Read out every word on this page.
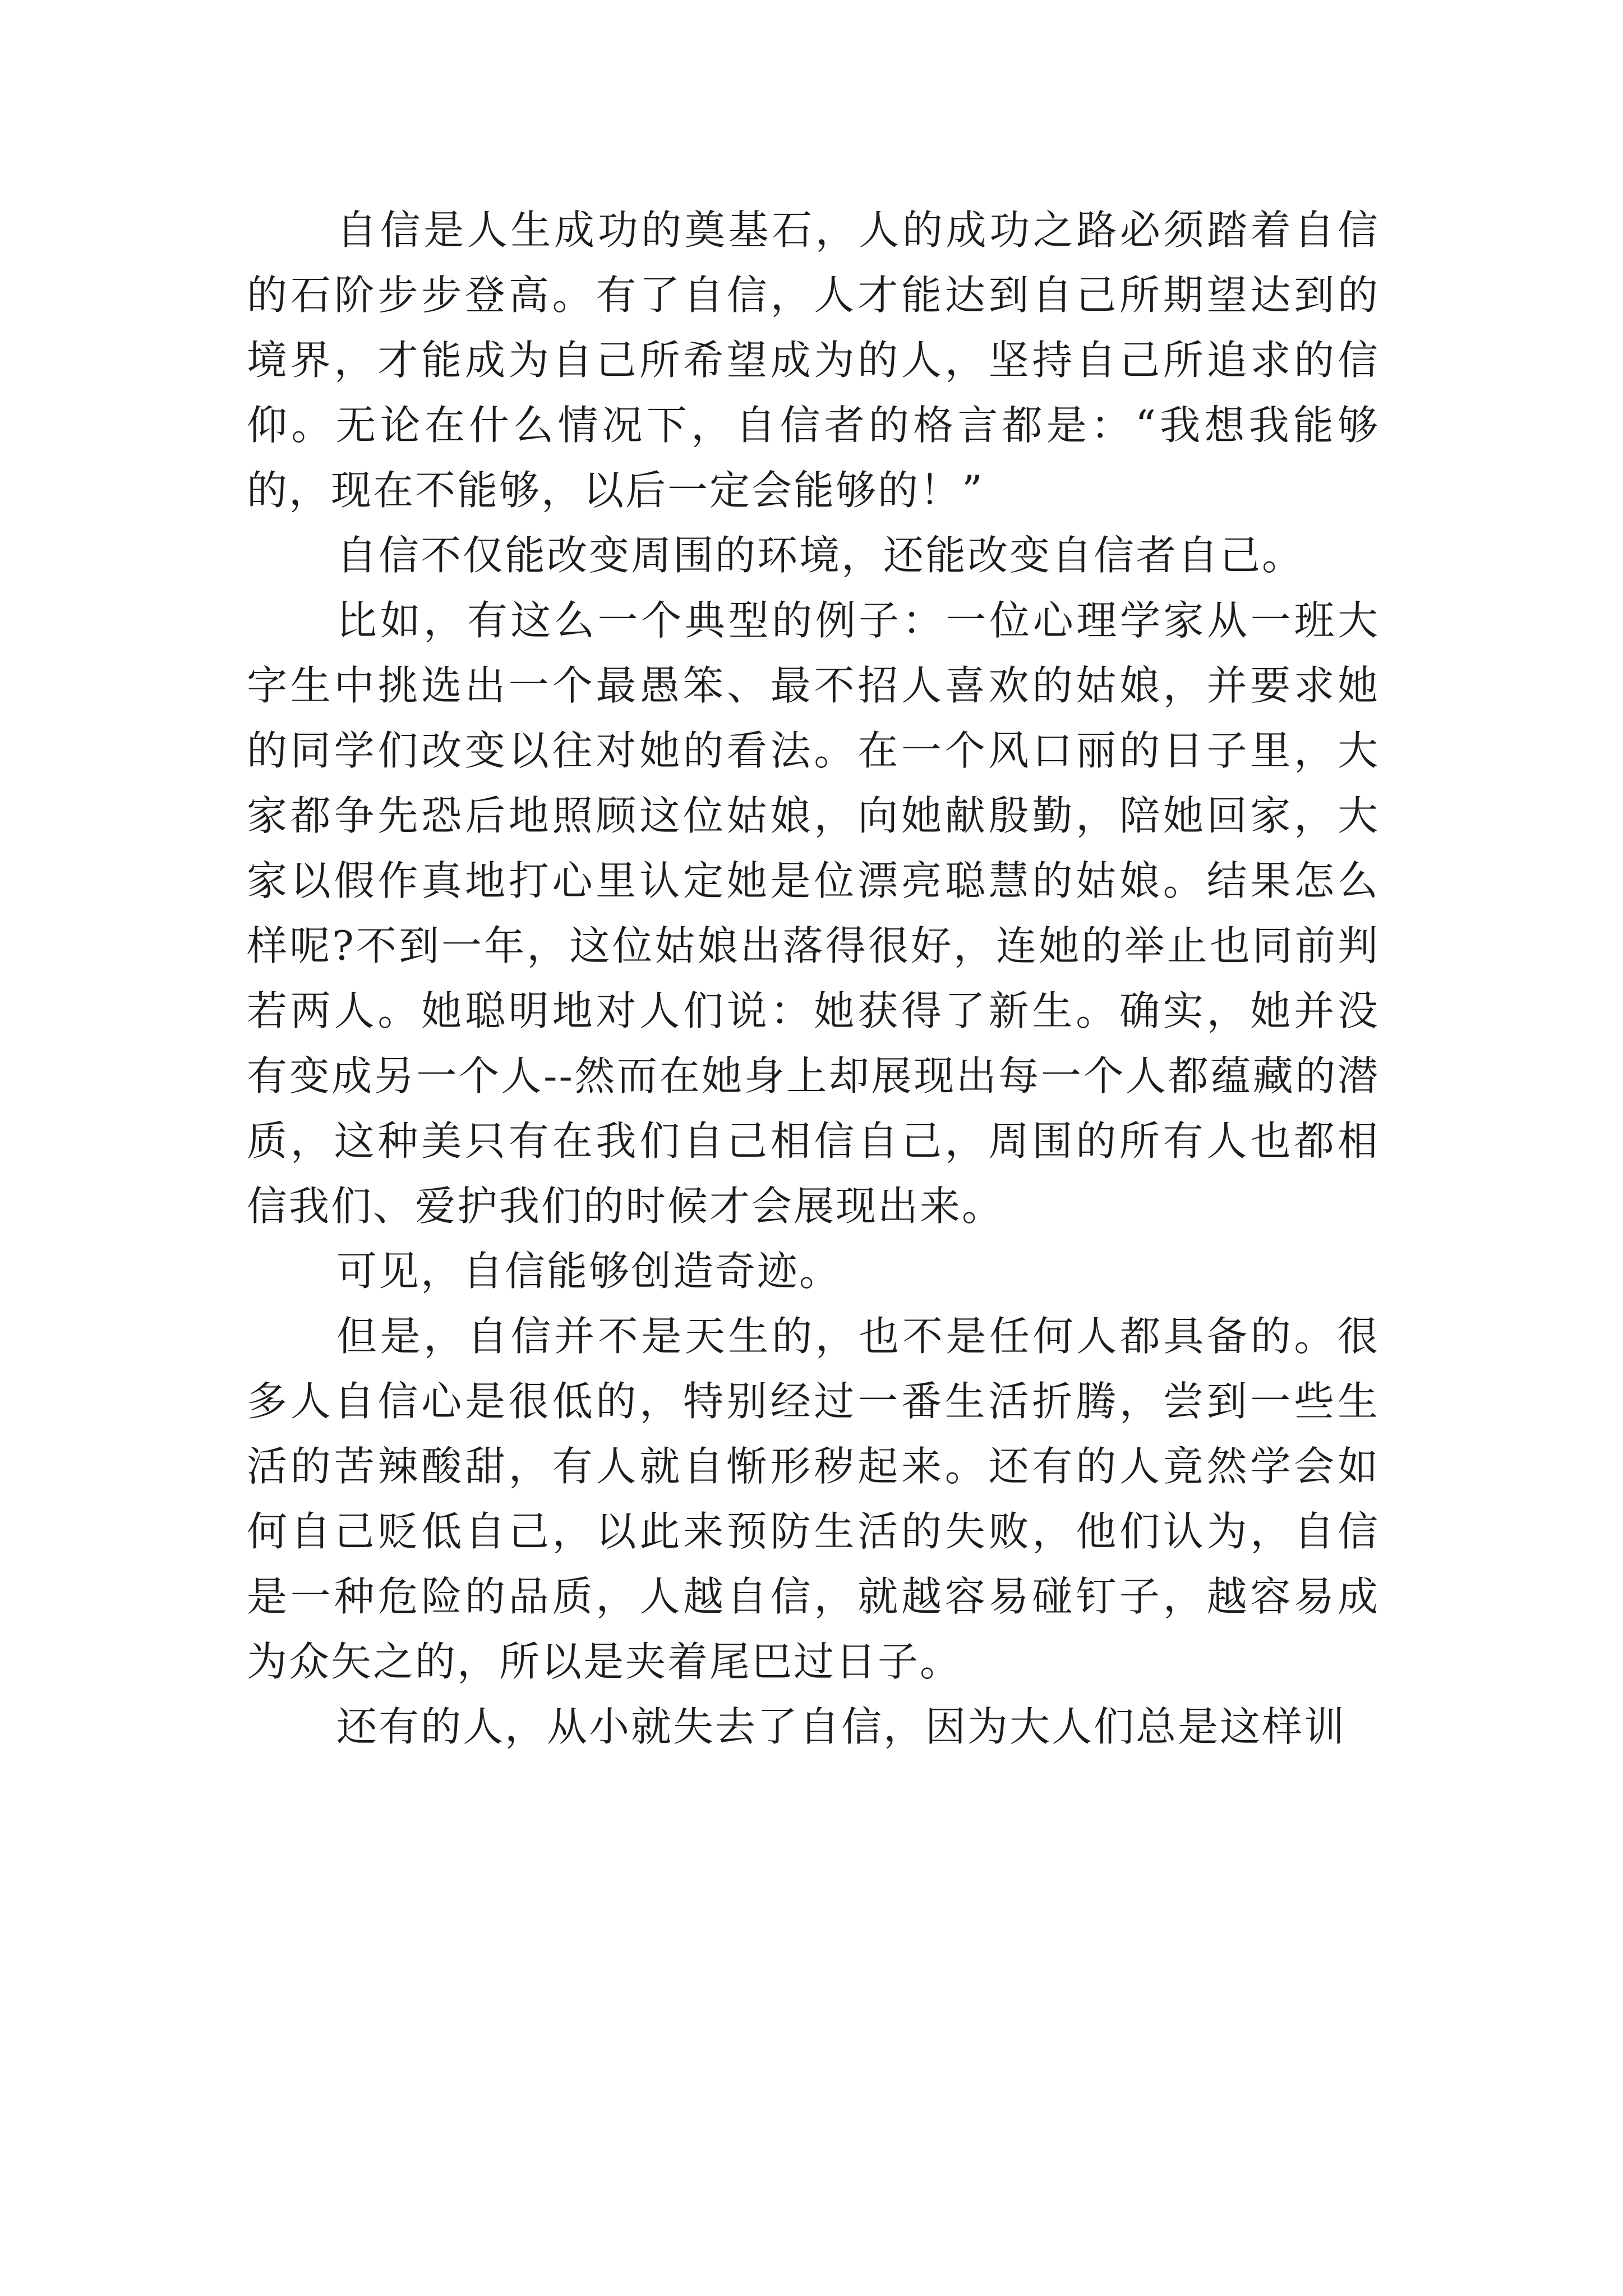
自信是人生成功的奠基石，人的成功之路必须踏着自信的石阶步步登高。有了自信，人才能达到自己所期望达到的境界，才能成为自己所希望成为的人，坚持自己所追求的信仰。无论在什么情况下，自信者的格言都是：“我想我能够的，现在不能够，以后一定会能够的！”

自信不仅能改变周围的环境，还能改变自信者自己。

比如，有这么一个典型的例子：一位心理学家从一班大字生中挑选出一个最愚笨、最不招人喜欢的姑娘，并要求她的同学们改变以往对她的看法。在一个风口丽的日子里，大家都争先恐后地照顾这位姑娘，向她献殷勤，陪她回家，大家以假作真地打心里认定她是位漂亮聪慧的姑娘。结果怎么样呢?不到一年，这位姑娘出落得很好，连她的举止也同前判若两人。她聪明地对人们说：她获得了新生。确实，她并没有变成另一个人--然而在她身上却展现出每一个人都蕴藏的潜质，这种美只有在我们自己相信自己，周围的所有人也都相信我们、爱护我们的时候才会展现出来。

可见，自信能够创造奇迹。

但是，自信并不是天生的，也不是任何人都具备的。很多人自信心是很低的，特别经过一番生活折腾，尝到一些生活的苦辣酸甜，有人就自惭形秽起来。还有的人竟然学会如何自己贬低自己，以此来预防生活的失败，他们认为，自信是一种危险的品质，人越自信，就越容易碰钉子，越容易成为众矢之的，所以是夹着尾巴过日子。

还有的人，从小就失去了自信，因为大人们总是这样训
